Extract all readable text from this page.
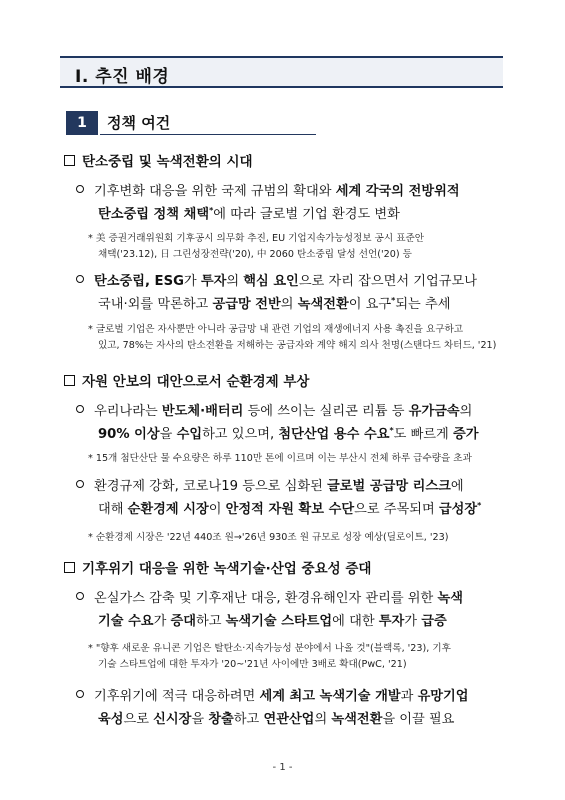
Ⅰ. 추진 배경
1	정책 여건
탄소중립 및 녹색전환의 시대
기후변화 대응을 위한 국제 규범의 확대와 세계 각국의 전방위적
탄소중립 정책 채택*에 따라 글로벌 기업 환경도 변화
* 美 증권거래위원회 기후공시 의무화 추진, EU 기업지속가능성정보 공시 표준안
채택('23.12), 日 그린성장전략('20), 中 2060 탄소중립 달성 선언('20) 등
탄소중립, ESG가 투자의 핵심 요인으로 자리 잡으면서 기업규모나
국내·외를 막론하고 공급망 전반의 녹색전환이 요구*되는 추세
* 글로벌 기업은 자사뿐만 아니라 공급망 내 관련 기업의 재생에너지 사용 촉진을 요구하고
있고, 78%는 자사의 탄소전환을 저해하는 공급자와 계약 해지 의사 천명(스탠다드 차터드, '21)
자원 안보의 대안으로서 순환경제 부상
우리나라는 반도체·배터리 등에 쓰이는 실리콘 리튬 등 유가금속의
90% 이상을 수입하고 있으며, 첨단산업 용수 수요*도 빠르게 증가
* 15개 첨단산단 물 수요량은 하루 110만 톤에 이르며 이는 부산시 전체 하루 급수량을 초과
환경규제 강화, 코로나19 등으로 심화된 글로벌 공급망 리스크에
대해 순환경제 시장이 안정적 자원 확보 수단으로 주목되며 급성장*
* 순환경제 시장은 '22년 440조 원→'26년 930조 원 규모로 성장 예상(딜로이트, '23)
기후위기 대응을 위한 녹색기술·산업 중요성 증대
온실가스 감축 및 기후재난 대응, 환경유해인자 관리를 위한 녹색
기술 수요가 증대하고 녹색기술 스타트업에 대한 투자가 급증
* "향후 새로운 유니콘 기업은 탈탄소·지속가능성 분야에서 나올 것"(블랙록, '23), 기후
기술 스타트업에 대한 투자가 '20~'21년 사이에만 3배로 확대(PwC, '21)
기후위기에 적극 대응하려면 세계 최고 녹색기술 개발과 유망기업
육성으로 신시장을 창출하고 연관산업의 녹색전환을 이끌 필요
- 1 -
